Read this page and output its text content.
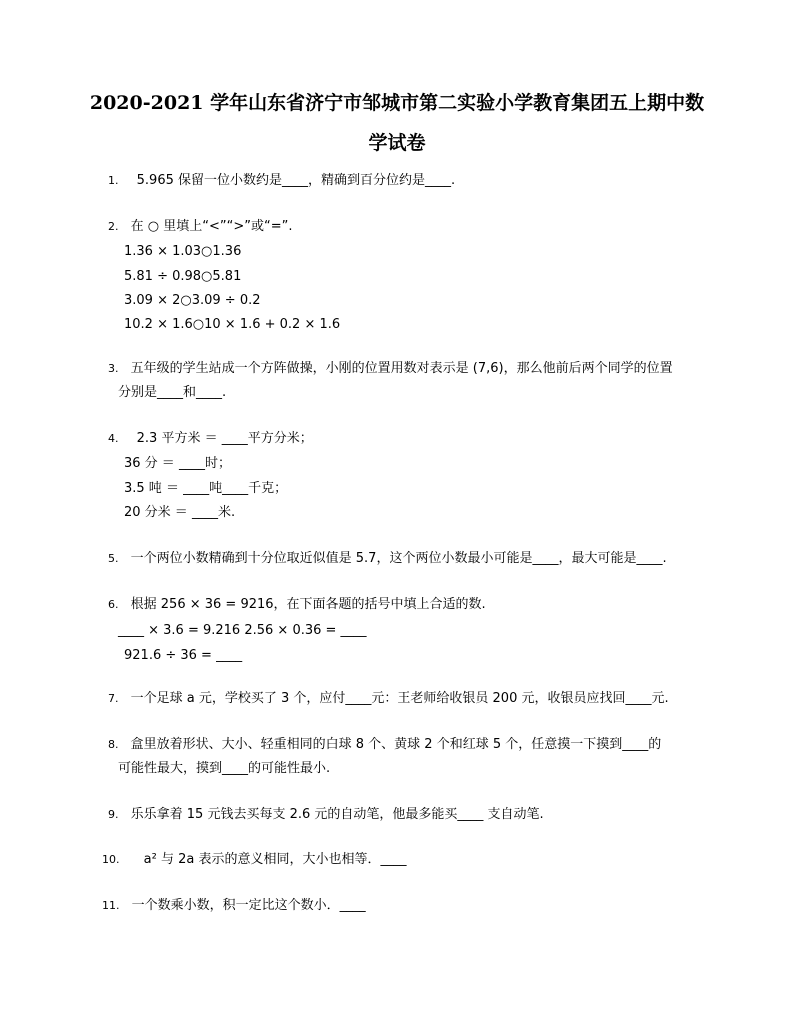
2020-2021 学年山东省济宁市邹城市第二实验小学教育集团五上期中数
学试卷
1. 5.965 保留一位小数约是____，精确到百分位约是____.
2. 在 ○ 里填上“<”“>”或“=”.
1.36 × 1.03○1.36
5.81 ÷ 0.98○5.81
3.09 × 2○3.09 ÷ 0.2
10.2 × 1.6○10 × 1.6 + 0.2 × 1.6
3. 五年级的学生站成一个方阵做操，小刚的位置用数对表示是 (7,6)，那么他前后两个同学的位置
分别是____和____.
4. 2.3 平方米 ＝ ____平方分米；
36 分 ＝ ____时；
3.5 吨 ＝ ____吨____千克；
20 分米 ＝ ____米.
5. 一个两位小数精确到十分位取近似值是 5.7，这个两位小数最小可能是____，最大可能是____.
6. 根据 256 × 36 = 9216，在下面各题的括号中填上合适的数.
____ × 3.6 = 9.216 2.56 × 0.36 = ____
921.6 ÷ 36 = ____
7. 一个足球 a 元，学校买了 3 个，应付____元：王老师给收银员 200 元，收银员应找回____元.
8. 盒里放着形状、大小、轻重相同的白球 8 个、黄球 2 个和红球 5 个，任意摸一下摸到____的
可能性最大，摸到____的可能性最小.
9. 乐乐拿着 15 元钱去买每支 2.6 元的自动笔，他最多能买____ 支自动笔.
10. a² 与 2a 表示的意义相同，大小也相等．____
11. 一个数乘小数，积一定比这个数小．____
